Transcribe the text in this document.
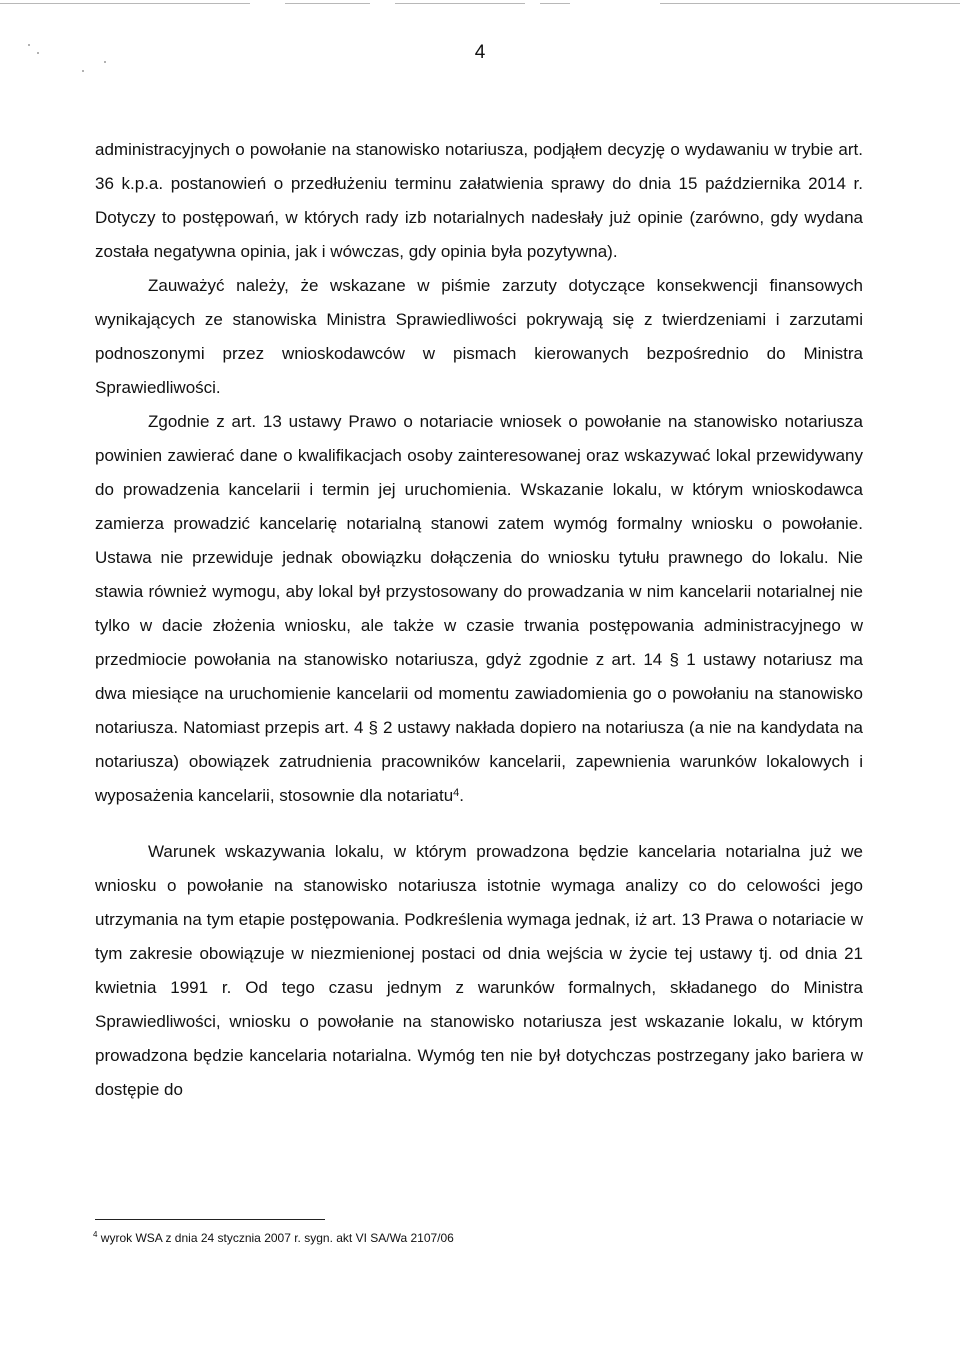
4

administracyjnych o powołanie na stanowisko notariusza, podjąłem decyzję o wydawaniu w trybie art. 36 k.p.a. postanowień o przedłużeniu terminu załatwienia sprawy do dnia 15 października 2014 r. Dotyczy to postępowań, w których rady izb notarialnych nadesłały już opinie (zarówno, gdy wydana została negatywna opinia, jak i wówczas, gdy opinia była pozytywna).

Zauważyć należy, że wskazane w piśmie zarzuty dotyczące konsekwencji finansowych wynikających ze stanowiska Ministra Sprawiedliwości pokrywają się z twierdzeniami i zarzutami podnoszonymi przez wnioskodawców w pismach kierowanych bezpośrednio do Ministra Sprawiedliwości.

Zgodnie z art. 13 ustawy Prawo o notariacie wniosek o powołanie na stanowisko notariusza powinien zawierać dane o kwalifikacjach osoby zainteresowanej oraz wskazywać lokal przewidywany do prowadzenia kancelarii i termin jej uruchomienia. Wskazanie lokalu, w którym wnioskodawca zamierza prowadzić kancelarię notarialną stanowi zatem wymóg formalny wniosku o powołanie. Ustawa nie przewiduje jednak obowiązku dołączenia do wniosku tytułu prawnego do lokalu. Nie stawia również wymogu, aby lokal był przystosowany do prowadzania w nim kancelarii notarialnej nie tylko w dacie złożenia wniosku, ale także w czasie trwania postępowania administracyjnego w przedmiocie powołania na stanowisko notariusza, gdyż zgodnie z art. 14 § 1 ustawy notariusz ma dwa miesiące na uruchomienie kancelarii od momentu zawiadomienia go o powołaniu na stanowisko notariusza. Natomiast przepis art. 4 § 2 ustawy nakłada dopiero na notariusza (a nie na kandydata na notariusza) obowiązek zatrudnienia pracowników kancelarii, zapewnienia warunków lokalowych i wyposażenia kancelarii, stosownie dla notariatu$^4$.

Warunek wskazywania lokalu, w którym prowadzona będzie kancelaria notarialna już we wniosku o powołanie na stanowisko notariusza istotnie wymaga analizy co do celowości jego utrzymania na tym etapie postępowania. Podkreślenia wymaga jednak, iż art. 13 Prawa o notariacie w tym zakresie obowiązuje w niezmienionej postaci od dnia wejścia w życie tej ustawy tj. od dnia 21 kwietnia 1991 r. Od tego czasu jednym z warunków formalnych, składanego do Ministra Sprawiedliwości, wniosku o powołanie na stanowisko notariusza jest wskazanie lokalu, w którym prowadzona będzie kancelaria notarialna. Wymóg ten nie był dotychczas postrzegany jako bariera w dostępie do

$^4$ wyrok WSA z dnia 24 stycznia 2007 r. sygn. akt VI SA/Wa 2107/06
